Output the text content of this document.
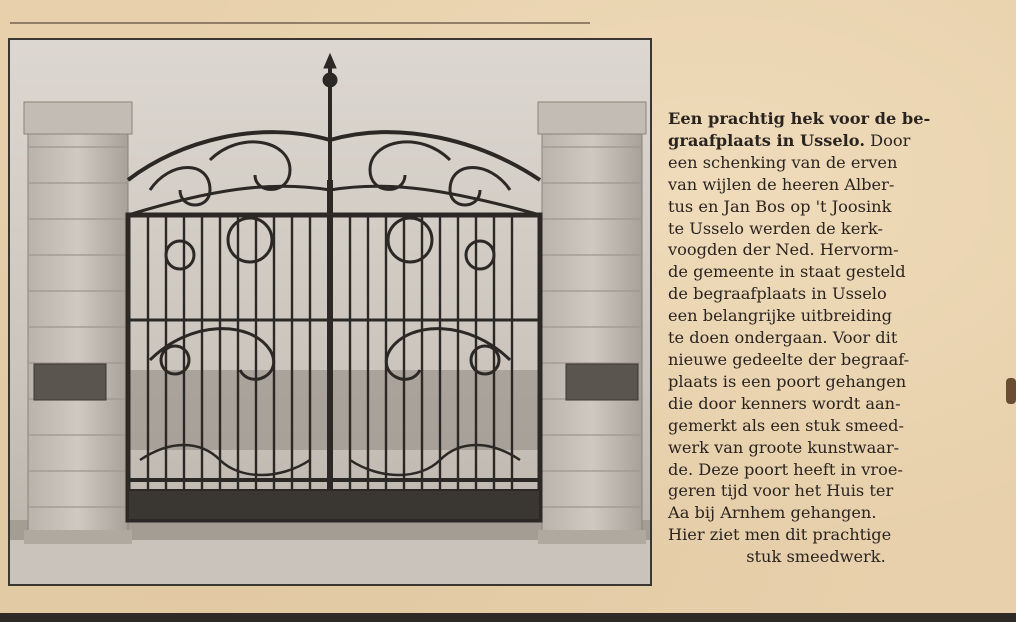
Een prachtig hek voor de be-
graafplaats in Usselo. Door
een schenking van de erven
van wijlen de heeren Alber-
tus en Jan Bos op 't Joosink
te Usselo werden de kerk-
voogden der Ned. Hervorm-
de gemeente in staat gesteld
de begraafplaats in Usselo
een belangrijke uitbreiding
te doen ondergaan. Voor dit
nieuwe gedeelte der begraaf-
plaats is een poort gehangen
die door kenners wordt aan-
gemerkt als een stuk smeed-
werk van groote kunstwaar-
de. Deze poort heeft in vroe-
geren tijd voor het Huis ter
Aa bij Arnhem gehangen.
Hier ziet men dit prachtige
stuk smeedwerk.
